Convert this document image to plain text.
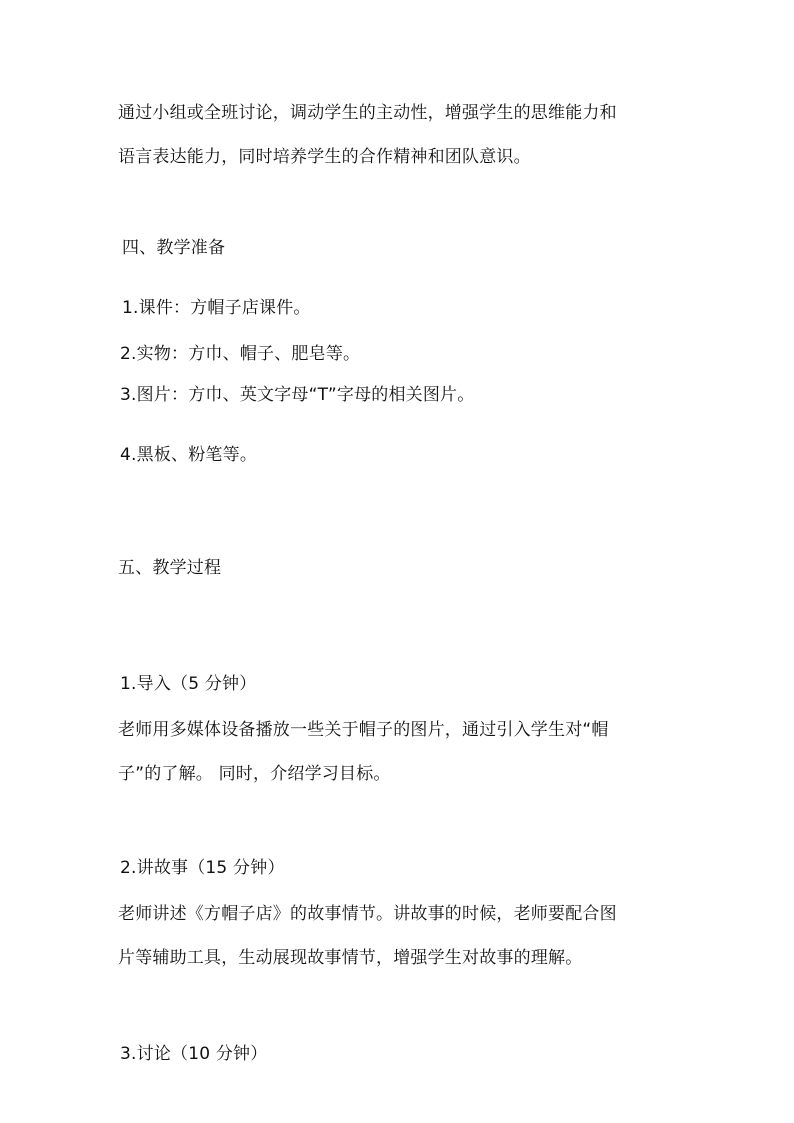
通过小组或全班讨论，调动学生的主动性，增强学生的思维能力和
语言表达能力，同时培养学生的合作精神和团队意识。
四、教学准备
1.课件：方帽子店课件。
2.实物：方巾、帽子、肥皂等。
3.图片：方巾、英文字母“T”字母的相关图片。
4.黑板、粉笔等。
五、教学过程
1.导入（5 分钟）
老师用多媒体设备播放一些关于帽子的图片，通过引入学生对“帽
子”的了解。 同时，介绍学习目标。
2.讲故事（15 分钟）
老师讲述《方帽子店》的故事情节。讲故事的时候，老师要配合图
片等辅助工具，生动展现故事情节，增强学生对故事的理解。
3.讨论（10 分钟）
